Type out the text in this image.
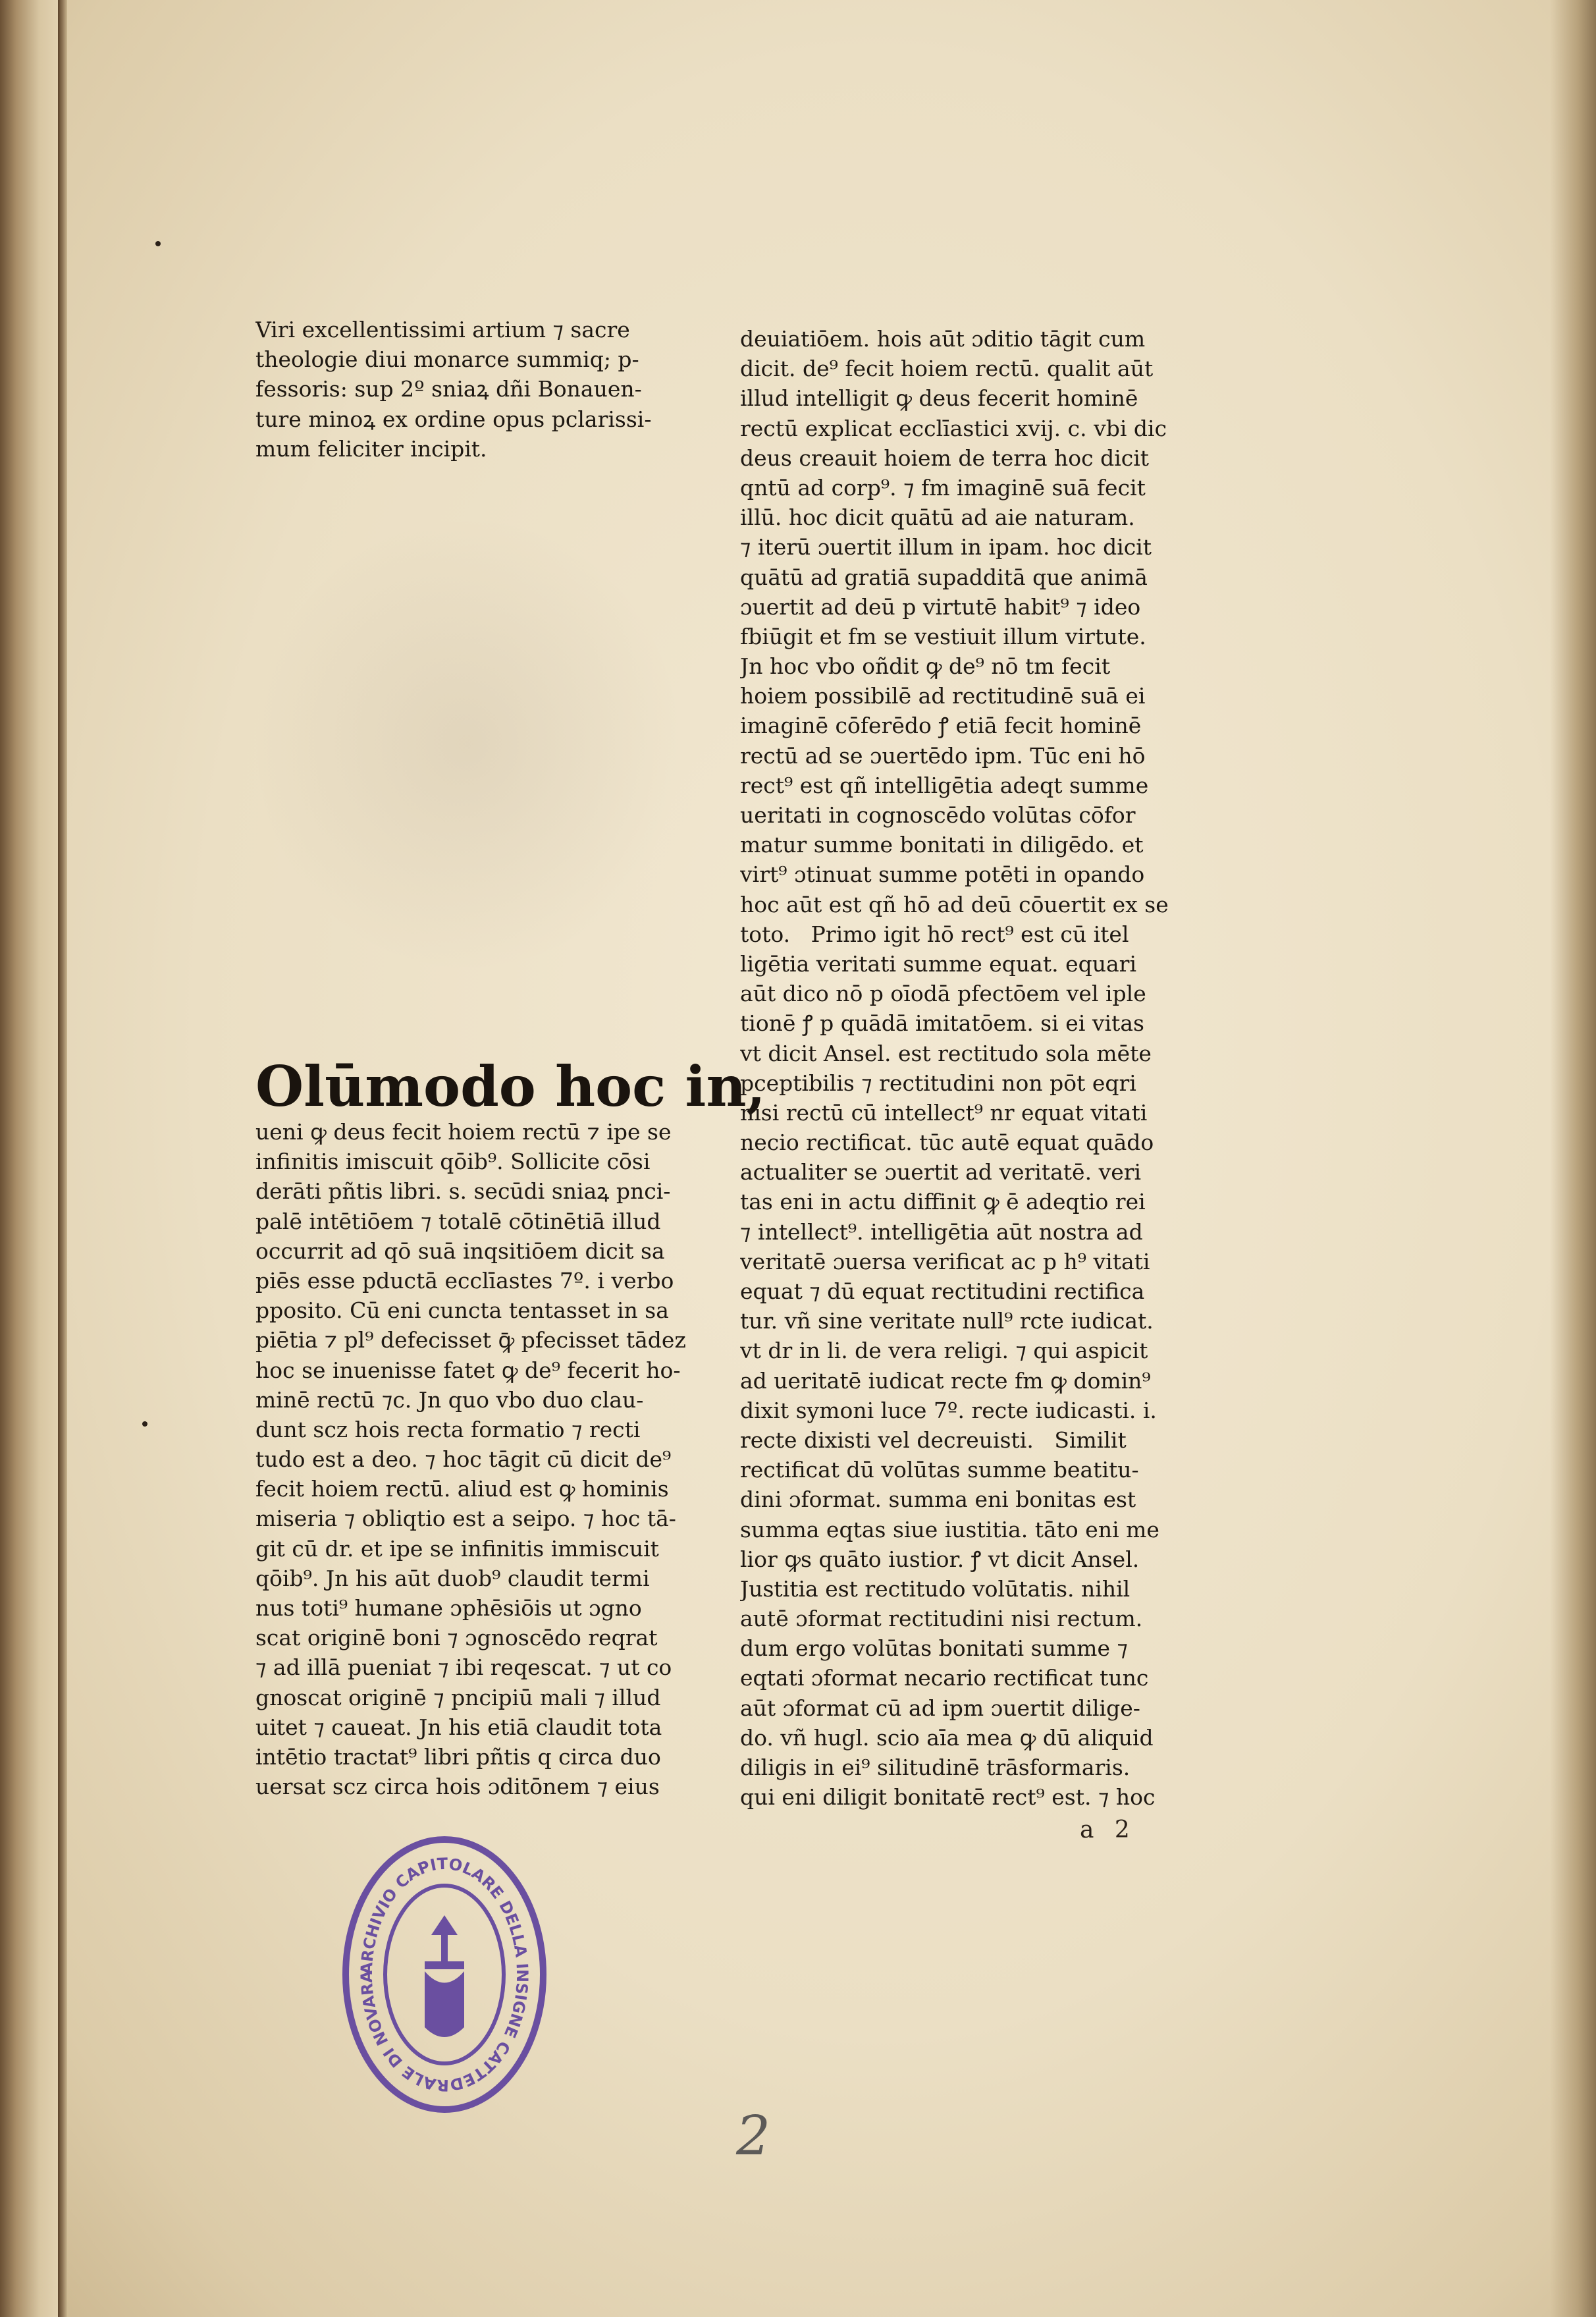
Viri excellentissimi artium ⁊ sacre
theologie diui monarce summiq; p-
fessoris: sup 2º sniaꝝ dñi Bonauen-
ture minoꝝ ex ordine opus pclarissi-
mum feliciter incipit.
Olūmodo hoc in,
ueni ꝙ deus fecit hoiem rectū ⁊ ipe se
infinitis imiscuit qōib⁹. Sollicite cōsi
derāti pñtis libri. s. secūdi sniaꝝ pnci-
palē intētiōem ⁊ totalē cōtinētiā illud
occurrit ad qō suā inqsitiōem dicit sa
piēs esse pductā ecclīastes 7º. i verbo
pposito. Cū eni cuncta tentasset in sa
piētia ⁊ pl⁹ defecisset ꝙ̄ pfecisset tādez
hoc se inuenisse fatet ꝙ de⁹ fecerit ho-
minē rectū ⁊c. Jn quo vbo duo clau-
dunt scz hois recta formatio ⁊ recti
tudo est a deo. ⁊ hoc tāgit cū dicit de⁹
fecit hoiem rectū. aliud est ꝙ hominis
miseria ⁊ obliqtio est a seipo. ⁊ hoc tā-
git cū dr. et ipe se infinitis immiscuit
qōib⁹. Jn his aūt duob⁹ claudit termi
nus toti⁹ humane ɔphēsiōis ut ɔgno
scat originē boni ⁊ ɔgnoscēdo reqrat
⁊ ad illā pueniat ⁊ ibi reqescat. ⁊ ut co
gnoscat originē ⁊ pncipiū mali ⁊ illud
uitet ⁊ caueat. Jn his etiā claudit tota
intētio tractat⁹ libri pñtis q circa duo
uersat scz circa hois ɔditōnem ⁊ eius
deuiatiōem. hois aūt ɔditio tāgit cum
dicit. de⁹ fecit hoiem rectū. qualit aūt
illud intelligit ꝙ deus fecerit hominē
rectū explicat ecclīastici xvij. c. vbi dic
deus creauit hoiem de terra hoc dicit
qntū ad corp⁹. ⁊ fm imaginē suā fecit
illū. hoc dicit quātū ad aie naturam.
⁊ iterū ɔuertit illum in ipam. hoc dicit
quātū ad gratiā supadditā que animā
ɔuertit ad deū p virtutē habit⁹ ⁊ ideo
fbiūgit et fm se vestiuit illum virtute.
Jn hoc vbo oñdit ꝙ de⁹ nō tm fecit
hoiem possibilē ad rectitudinē suā ei
imaginē cōferēdo ꝭ etiā fecit hominē
rectū ad se ɔuertēdo ipm. Tūc eni hō
rect⁹ est qñ intelligētia adeqt summe
ueritati in cognoscēdo volūtas cōfor
matur summe bonitati in diligēdo. et
virt⁹ ɔtinuat summe potēti in opando
hoc aūt est qñ hō ad deū cōuertit ex se
toto.   Primo igit hō rect⁹ est cū itel
ligētia veritati summe equat. equari
aūt dico nō p oīodā pfectōem vel iple
tionē ꝭ p quādā imitatōem. si ei vitas
vt dicit Ansel. est rectitudo sola mēte
pceptibilis ⁊ rectitudini non pōt eqri
nisi rectū cū intellect⁹ nr equat vitati
necio rectificat. tūc autē equat quādo
actualiter se ɔuertit ad veritatē. veri
tas eni in actu diffinit ꝙ ē adeqtio rei
⁊ intellect⁹. intelligētia aūt nostra ad
veritatē ɔuersa verificat ac p h⁹ vitati
equat ⁊ dū equat rectitudini rectifica
tur. vñ sine veritate null⁹ rcte iudicat.
vt dr in li. de vera religi. ⁊ qui aspicit
ad ueritatē iudicat recte fm ꝙ domin⁹
dixit symoni luce 7º. recte iudicasti. i.
recte dixisti vel decreuisti.   Similit
rectificat dū volūtas summe beatitu-
dini ɔformat. summa eni bonitas est
summa eqtas siue iustitia. tāto eni me
lior ꝙs quāto iustior. ꝭ vt dicit Ansel.
Justitia est rectitudo volūtatis. nihil
autē ɔformat rectitudini nisi rectum.
dum ergo volūtas bonitati summe ⁊
eqtati ɔformat necario rectificat tunc
aūt ɔformat cū ad ipm ɔuertit dilige-
do. vñ hugl. scio aīa mea ꝙ dū aliquid
diligis in ei⁹ silitudinē trāsformaris.
qui eni diligit bonitatē rect⁹ est. ⁊ hoc
a 2
2
ARCHIVIO CAPITOLARE DELLA INSIGNE CATTEDRALE DI NOVARA
